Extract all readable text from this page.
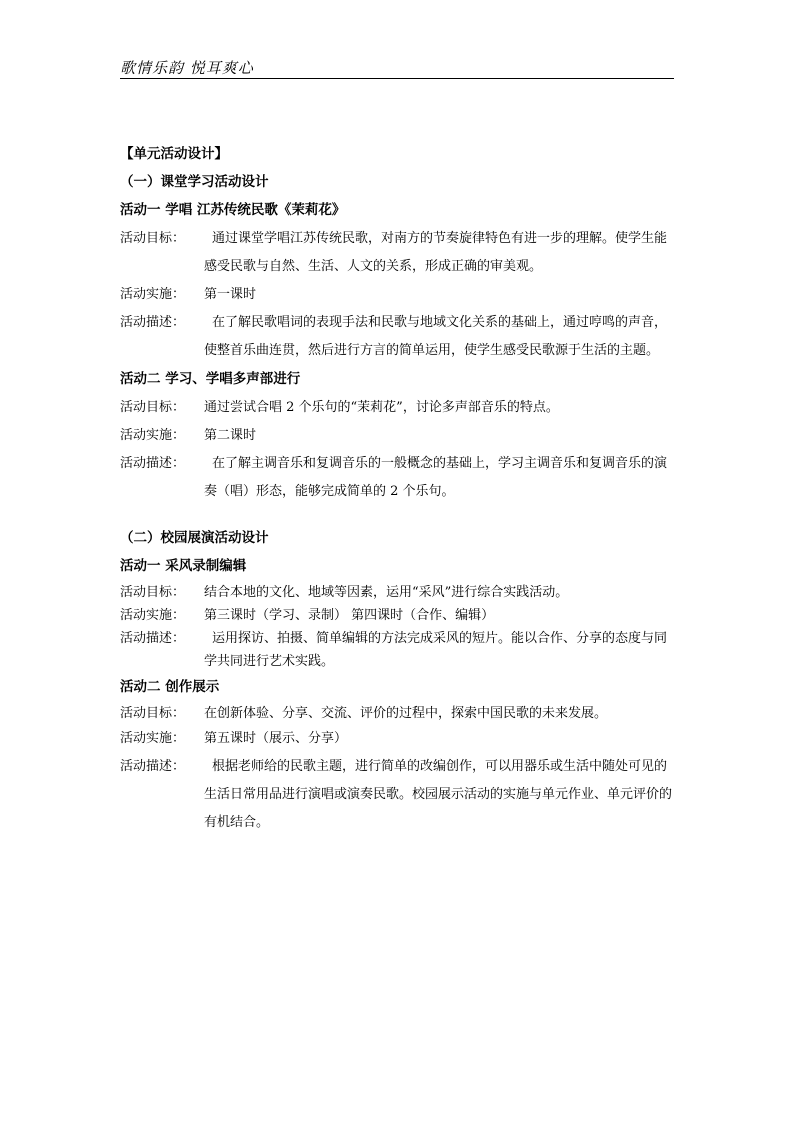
歌情乐韵 悦耳爽心
【单元活动设计】
（一）课堂学习活动设计
活动一 学唱 江苏传统民歌《茉莉花》
活动目标：	通过课堂学唱江苏传统民歌，对南方的节奏旋律特色有进一步的理解。使学生能感受民歌与自然、生活、人文的关系，形成正确的审美观。
活动实施：	第一课时
活动描述：	在了解民歌唱词的表现手法和民歌与地域文化关系的基础上，通过哼鸣的声音，使整首乐曲连贯，然后进行方言的简单运用，使学生感受民歌源于生活的主题。
活动二 学习、学唱多声部进行
活动目标：	通过尝试合唱 2 个乐句的“茉莉花”，讨论多声部音乐的特点。
活动实施：	第二课时
活动描述：	在了解主调音乐和复调音乐的一般概念的基础上，学习主调音乐和复调音乐的演奏（唱）形态，能够完成简单的 2 个乐句。
（二）校园展演活动设计
活动一 采风录制编辑
活动目标：	结合本地的文化、地域等因素，运用“采风”进行综合实践活动。
活动实施：	第三课时（学习、录制） 第四课时（合作、编辑）
活动描述：	运用探访、拍摄、简单编辑的方法完成采风的短片。能以合作、分享的态度与同学共同进行艺术实践。
活动二 创作展示
活动目标：	在创新体验、分享、交流、评价的过程中，探索中国民歌的未来发展。
活动实施：	第五课时（展示、分享）
活动描述：	根据老师给的民歌主题，进行简单的改编创作，可以用器乐或生活中随处可见的生活日常用品进行演唱或演奏民歌。校园展示活动的实施与单元作业、单元评价的有机结合。
